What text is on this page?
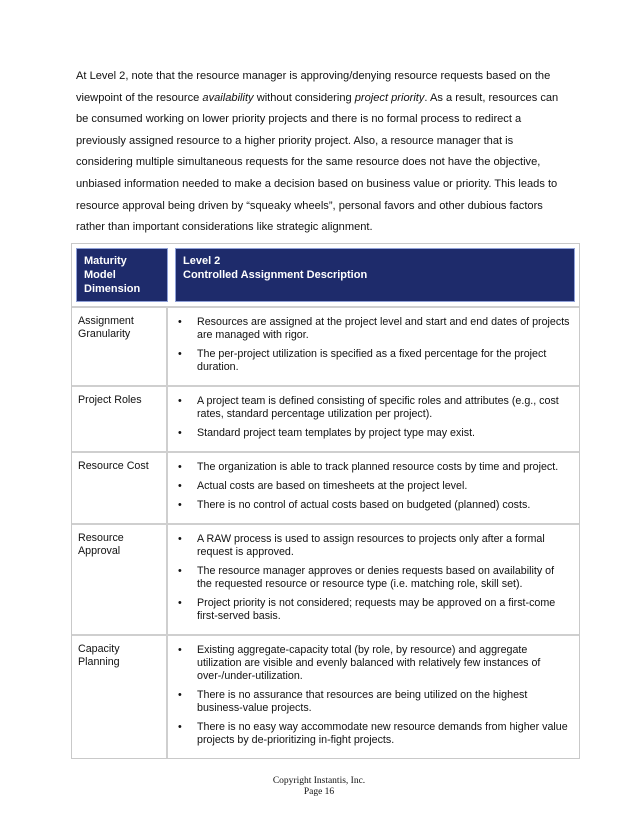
At Level 2, note that the resource manager is approving/denying resource requests based on the viewpoint of the resource availability without considering project priority. As a result, resources can be consumed working on lower priority projects and there is no formal process to redirect a previously assigned resource to a higher priority project. Also, a resource manager that is considering multiple simultaneous requests for the same resource does not have the objective, unbiased information needed to make a decision based on business value or priority. This leads to resource approval being driven by “squeaky wheels”, personal favors and other dubious factors rather than important considerations like strategic alignment.

Maturity Model
Dimension
Level 2
Controlled Assignment Description
Assignment Granularity
• Resources are assigned at the project level and start and end dates of projects are managed with rigor.
• The per-project utilization is specified as a fixed percentage for the project duration.
Project Roles	• A project team is defined consisting of specific roles and attributes (e.g., cost rates, standard percentage utilization per project).
• Standard project team templates by project type may exist.
Resource Cost	• The organization is able to track planned resource costs by time and project.
• Actual costs are based on timesheets at the project level.
• There is no control of actual costs based on budgeted (planned) costs.
Resource Approval
• A RAW process is used to assign resources to projects only after a formal request is approved.
• The resource manager approves or denies requests based on availability of the requested resource or resource type (i.e. matching role, skill set).
• Project priority is not considered; requests may be approved on a first-come first-served basis.
Capacity Planning
• Existing aggregate-capacity total (by role, by resource) and aggregate utilization are visible and evenly balanced with relatively few instances of over-/under-utilization.
• There is no assurance that resources are being utilized on the highest business-value projects.
• There is no easy way accommodate new resource demands from higher value projects by de-prioritizing in-fight projects.
Copyright Instantis, Inc.
Page 16
